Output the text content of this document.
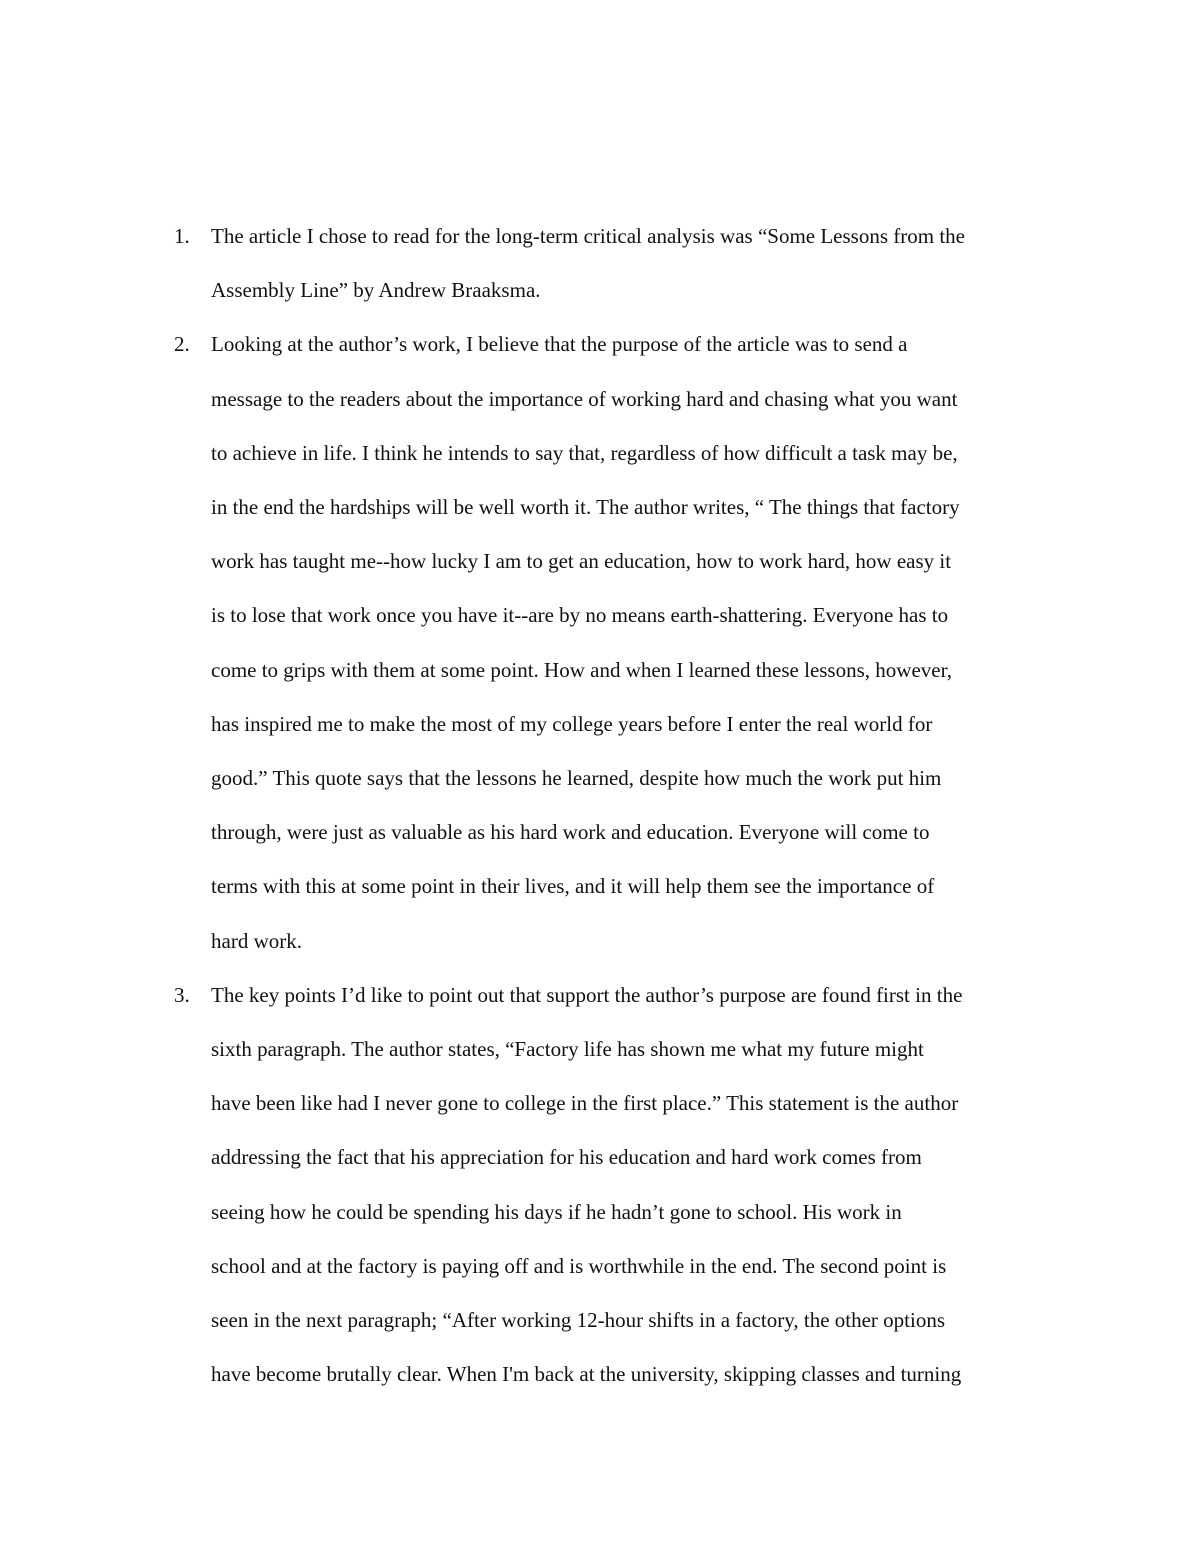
1. The article I chose to read for the long-term critical analysis was “Some Lessons from the
Assembly Line” by Andrew Braaksma.
2. Looking at the author’s work, I believe that the purpose of the article was to send a
message to the readers about the importance of working hard and chasing what you want
to achieve in life. I think he intends to say that, regardless of how difficult a task may be,
in the end the hardships will be well worth it. The author writes, “ The things that factory
work has taught me--how lucky I am to get an education, how to work hard, how easy it
is to lose that work once you have it--are by no means earth-shattering. Everyone has to
come to grips with them at some point. How and when I learned these lessons, however,
has inspired me to make the most of my college years before I enter the real world for
good.” This quote says that the lessons he learned, despite how much the work put him
through, were just as valuable as his hard work and education. Everyone will come to
terms with this at some point in their lives, and it will help them see the importance of
hard work.
3. The key points I’d like to point out that support the author’s purpose are found first in the
sixth paragraph. The author states, “Factory life has shown me what my future might
have been like had I never gone to college in the first place.” This statement is the author
addressing the fact that his appreciation for his education and hard work comes from
seeing how he could be spending his days if he hadn’t gone to school. His work in
school and at the factory is paying off and is worthwhile in the end. The second point is
seen in the next paragraph; “After working 12-hour shifts in a factory, the other options
have become brutally clear. When I'm back at the university, skipping classes and turning
